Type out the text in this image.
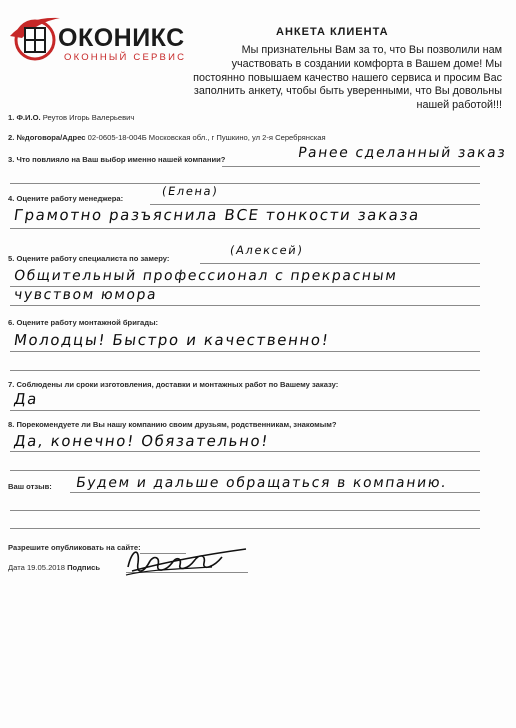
ОКОНИКС
ОКОННЫЙ СЕРВИС
АНКЕТА КЛИЕНТА
Мы признательны Вам за то, что Вы позволили нам участвовать в создании комфорта в Вашем доме! Мы постоянно повышаем качество нашего сервиса и просим Вас заполнить анкету, чтобы быть уверенными, что Вы довольны нашей работой!!!
1. Ф.И.О. Реутов Игорь Валерьевич
2. №договора/Адрес 02-0605-18-004Б Московская обл., г Пушкино, ул 2-я Серебрянская
3. Что повлияло на Ваш выбор именно нашей компании?	Ранее сделанный заказ
4. Оцените работу менеджера:
(Елена)
Грамотно разъяснила ВСЕ тонкости заказа
5. Оцените работу специалиста по замеру:
(Алексей)
Общительный профессионал с прекрасным
чувством юмора
6. Оцените работу монтажной бригады:
Молодцы! Быстро и качественно!
7. Соблюдены ли сроки изготовления, доставки и монтажных работ по Вашему заказу:
Да
8. Порекомендуете ли Вы нашу компанию своим друзьям, родственникам, знакомым?
Да, конечно! Обязательно!
Ваш отзыв: Будем и дальше обращаться в компанию.
Разрешите опубликовать на сайте:
Дата 19.05.2018 Подпись
